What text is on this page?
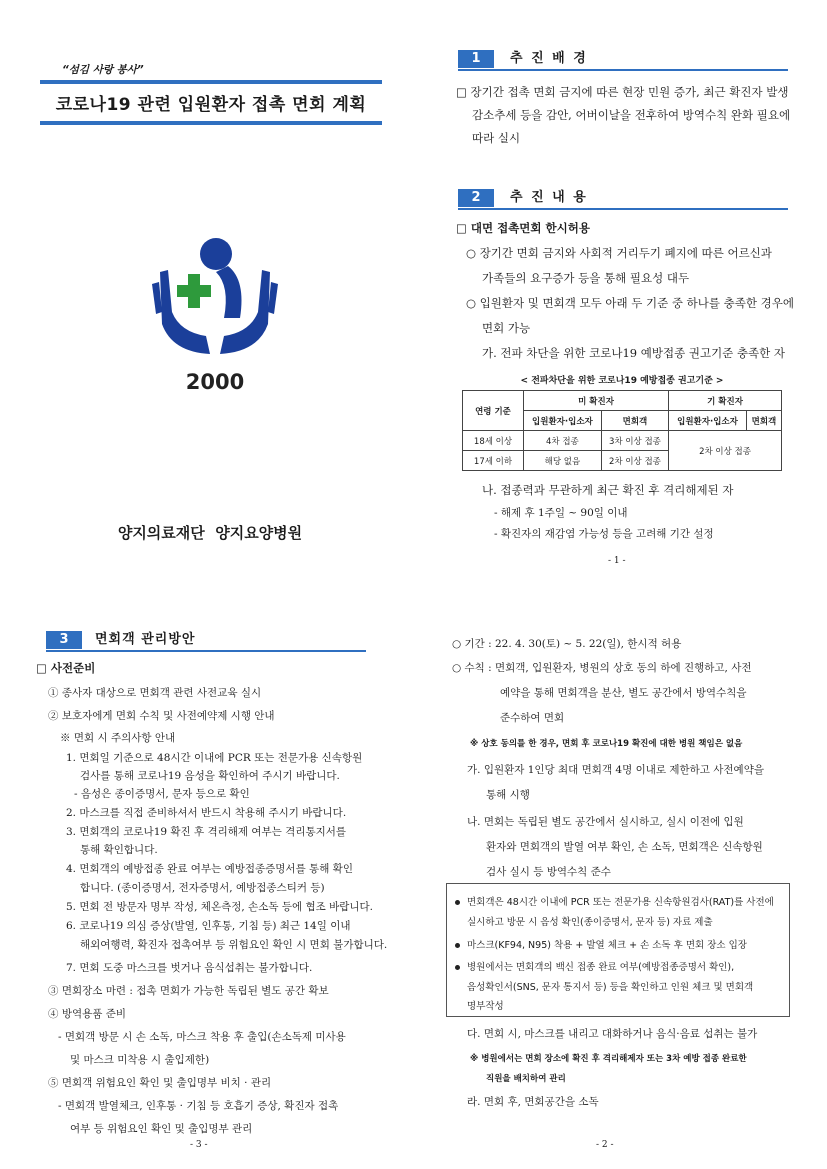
“섬김 사랑 봉사”
코로나19 관련 입원환자 접촉 면회 계획
2000
양지의료재단  양지요양병원
1	추 진 배 경
□ 장기간 접촉 면회 금지에 따른 현장 민원 증가, 최근 확진자 발생
감소추세 등을 감안, 어버이날을 전후하여 방역수칙 완화 필요에
따라 실시
2	추 진 내 용
□ 대면 접촉면회 한시허용
○ 장기간 면회 금지와 사회적 거리두기 폐지에 따른 어르신과
가족들의 요구증가 등을 통해 필요성 대두
○ 입원환자 및 면회객 모두 아래 두 기준 중 하나를 충족한 경우에
면회 가능
가. 전파 차단을 위한 코로나19 예방접종 권고기준 충족한 자
< 전파차단을 위한 코로나19 예방접종 권고기준 >
연령 기준	미 확진자		기 확진자	
	입원환자·입소자	면회객	입원환자·입소자	면회객
18세 이상	4차 접종	3차 이상 접종	2차 이상 접종	
17세 이하	해당 없음	2차 이상 접종		
나. 접종력과 무관하게 최근 확진 후 격리해제된 자
- 해제 후 1주일 ~ 90일 이내
- 확진자의 재감염 가능성 등을 고려해 기간 설정
- 1 -
3	면회객 관리방안
□ 사전준비
① 종사자 대상으로 면회객 관련 사전교육 실시
② 보호자에게 면회 수칙 및 사전예약제 시행 안내
※ 면회 시 주의사항 안내
1. 면회일 기준으로 48시간 이내에 PCR 또는 전문가용 신속항원
검사를 통해 코로나19 음성을 확인하여 주시기 바랍니다.
- 음성은 종이증명서, 문자 등으로 확인
2. 마스크를 직접 준비하셔서 반드시 착용해 주시기 바랍니다.
3. 면회객의 코로나19 확진 후 격리해제 여부는 격리통지서를
통해 확인합니다.
4. 면회객의 예방접종 완료 여부는 예방접종증명서를 통해 확인
합니다. (종이증명서, 전자증명서, 예방접종스티커 등)
5. 면회 전 방문자 명부 작성, 체온측정, 손소독 등에 협조 바랍니다.
6. 코로나19 의심 증상(발열, 인후통, 기침 등) 최근 14일 이내
해외여행력, 확진자 접촉여부 등 위험요인 확인 시 면회 불가합니다.
7. 면회 도중 마스크를 벗거나 음식섭취는 불가합니다.
③ 면회장소 마련 : 접촉 면회가 가능한 독립된 별도 공간 확보
④ 방역용품 준비
- 면회객 방문 시 손 소독, 마스크 착용 후 출입(손소독제 미사용
및 마스크 미착용 시 출입제한)
⑤ 면회객 위험요인 확인 및 출입명부 비치 · 관리
- 면회객 발열체크, 인후통 · 기침 등 호흡기 증상, 확진자 접촉
여부 등 위험요인 확인 및 출입명부 관리
- 3 -
○ 기간 : 22. 4. 30(토) ~ 5. 22(일), 한시적 허용
○ 수칙 : 면회객, 입원환자, 병원의 상호 동의 하에 진행하고, 사전
예약을 통해 면회객을 분산, 별도 공간에서 방역수칙을
준수하여 면회
※ 상호 동의를 한 경우, 면회 후 코로나19 확진에 대한 병원 책임은 없음
가. 입원환자 1인당 최대 면회객 4명 이내로 제한하고 사전예약을
통해 시행
나. 면회는 독립된 별도 공간에서 실시하고, 실시 이전에 입원
환자와 면회객의 발열 여부 확인, 손 소독, 면회객은 신속항원
검사 실시 등 방역수칙 준수
면회객은 48시간 이내에 PCR 또는 전문가용 신속항원검사(RAT)를 사전에
실시하고 방문 시 음성 확인(종이증명서, 문자 등) 자료 제출
마스크(KF94, N95) 착용 + 발열 체크 + 손 소독 후 면회 장소 입장
병원에서는 면회객의 백신 접종 완료 여부(예방접종증명서 확인),
음성확인서(SNS, 문자 통지서 등) 등을 확인하고 인원 체크 및 면회객
명부작성
다. 면회 시, 마스크를 내리고 대화하거나 음식·음료 섭취는 불가
※ 병원에서는 면회 장소에 확진 후 격리해제자 또는 3차 예방 접종 완료한
직원을 배치하여 관리
라. 면회 후, 면회공간을 소독
- 2 -
